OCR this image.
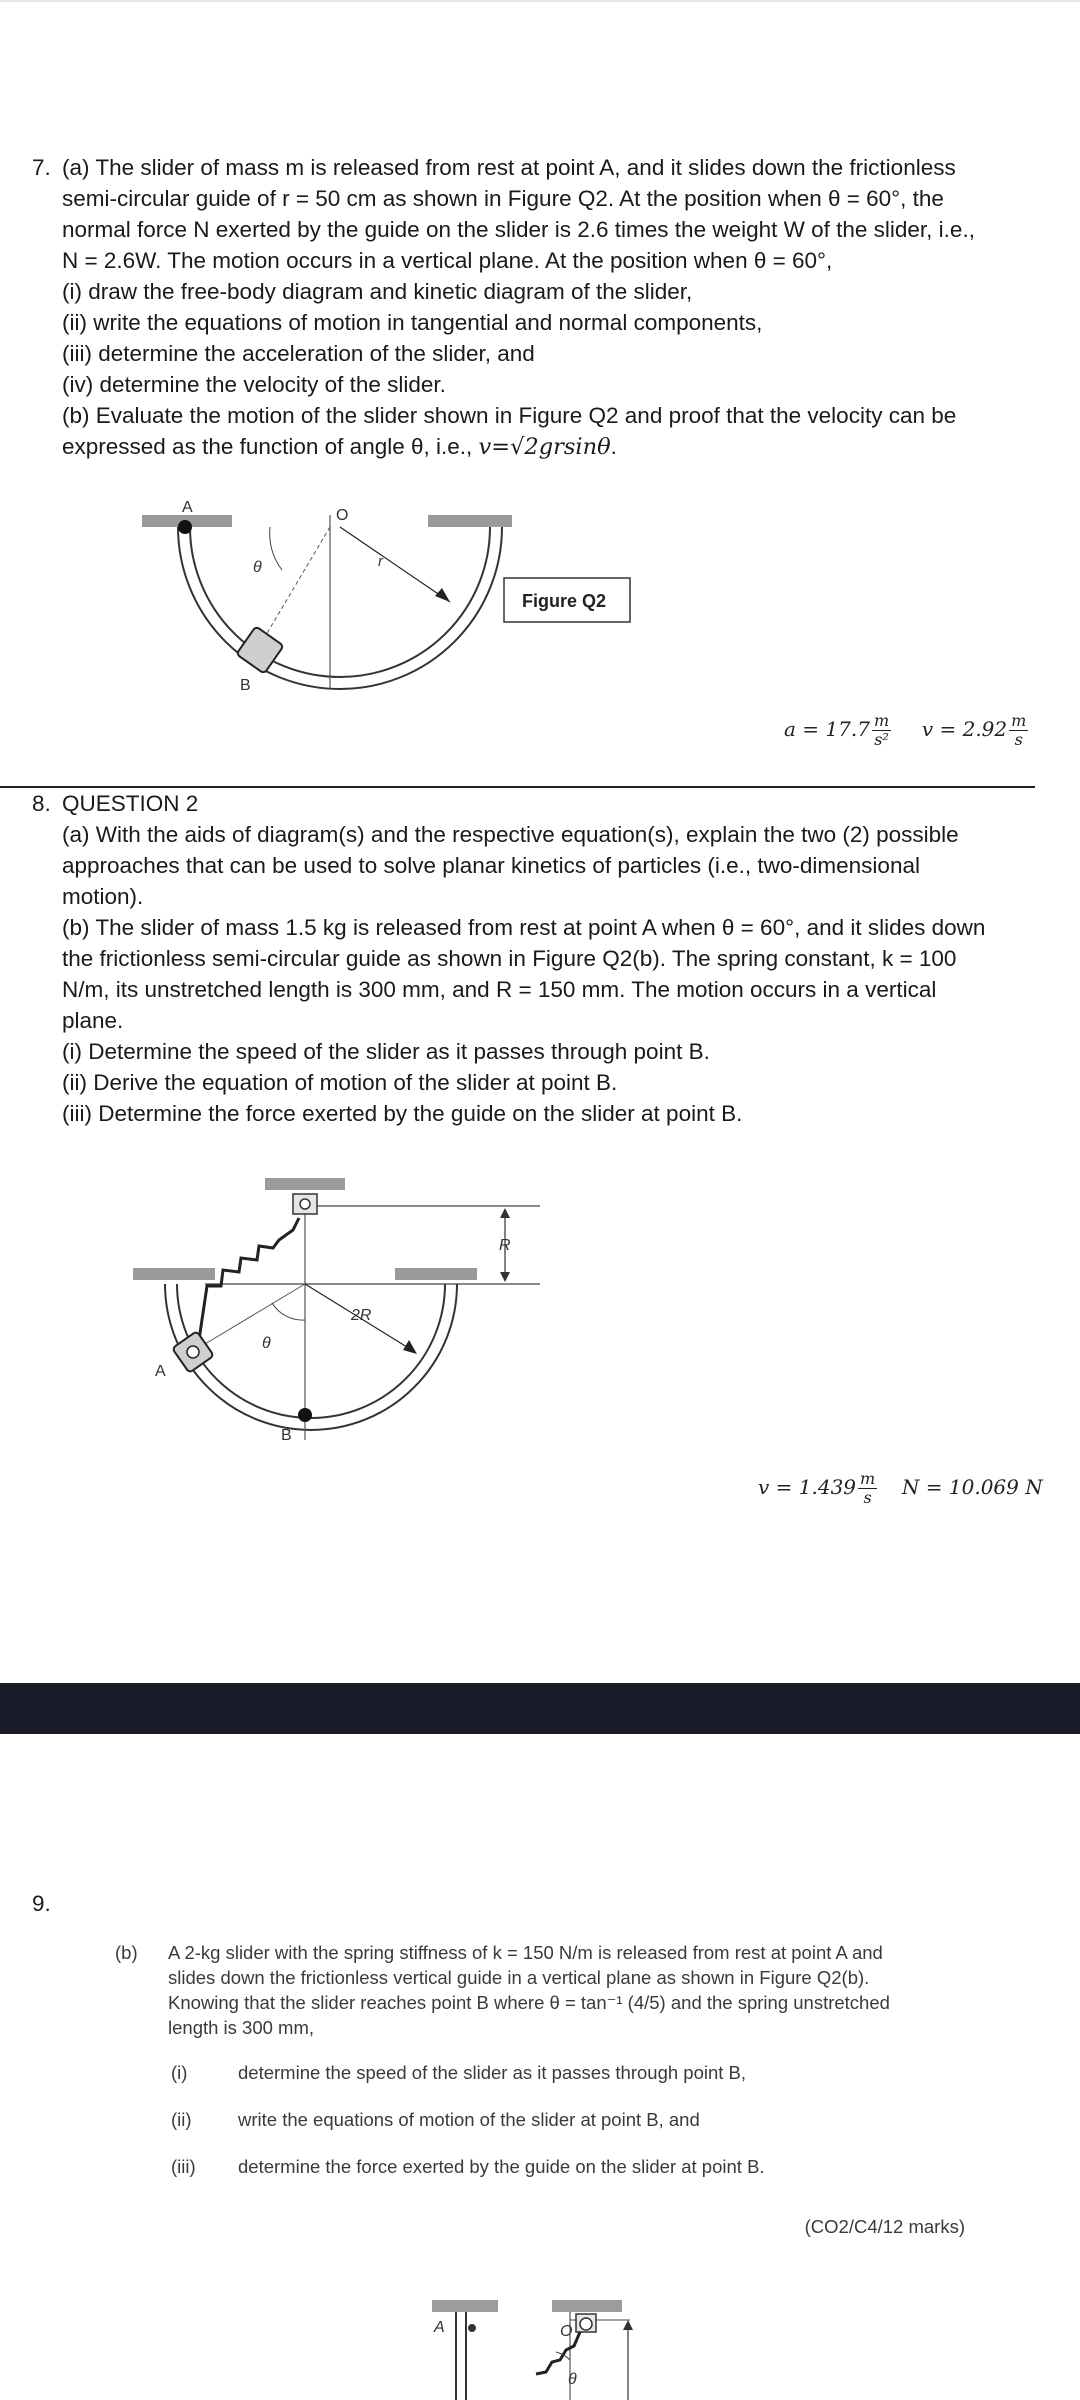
7. (a) The slider of mass m is released from rest at point A, and it slides down the frictionless
semi-circular guide of r = 50 cm as shown in Figure Q2. At the position when θ = 60°, the
normal force N exerted by the guide on the slider is 2.6 times the weight W of the slider, i.e.,
N = 2.6W. The motion occurs in a vertical plane. At the position when θ = 60°,
(i) draw the free-body diagram and kinetic diagram of the slider,
(ii) write the equations of motion in tangential and normal components,
(iii) determine the acceleration of the slider, and
(iv) determine the velocity of the slider.
(b) Evaluate the motion of the slider shown in Figure Q2 and proof that the velocity can be
expressed as the function of angle θ, i.e., v=√2grsinθ.
A	O
r
θ
B
Figure Q2
$a = 17.7 \frac{m}{\text{s²}}$ $v = 2.92 \frac{m}{s}$
8. QUESTION 2
(a) With the aids of diagram(s) and the respective equation(s), explain the two (2) possible
approaches that can be used to solve planar kinetics of particles (i.e., two-dimensional
motion).
(b) The slider of mass 1.5 kg is released from rest at point A when θ = 60°, and it slides down
the frictionless semi-circular guide as shown in Figure Q2(b). The spring constant, k = 100
N/m, its unstretched length is 300 mm, and R = 150 mm. The motion occurs in a vertical
plane.
(i) Determine the speed of the slider as it passes through point B.
(ii) Derive the equation of motion of the slider at point B.
(iii) Determine the force exerted by the guide on the slider at point B.
R
2R
θ
A
B
$v = 1.439 \frac{m}{s}$ N = 10.069 N
9.
(b) A 2-kg slider with the spring stiffness of k = 150 N/m is released from rest at point A and
slides down the frictionless vertical guide in a vertical plane as shown in Figure Q2(b).
Knowing that the slider reaches point B where θ = tan⁻¹ (4/5) and the spring unstretched
length is 300 mm,
(i)	determine the speed of the slider as it passes through point B,
(ii)	write the equations of motion of the slider at point B, and
(iii) determine the force exerted by the guide on the slider at point B.
(CO2/C4/12 marks)
A	O
θ
